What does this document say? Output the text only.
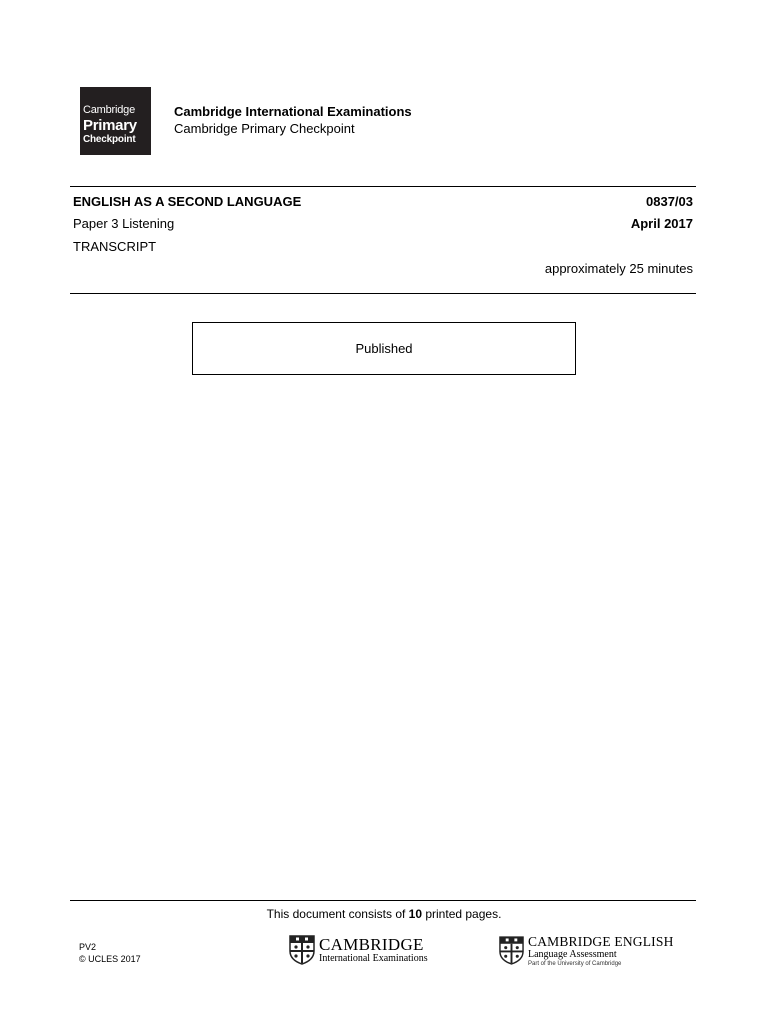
Cambridge
Primary
Checkpoint
Cambridge International Examinations
Cambridge Primary Checkpoint
ENGLISH AS A SECOND LANGUAGE	0837/03
Paper 3 Listening	April 2017
TRANSCRIPT
approximately 25 minutes
Published
This document consists of 10 printed pages.
PV2
© UCLES 2017
CAMBRIDGE
International Examinations
CAMBRIDGE ENGLISH
Language Assessment
Part of the University of Cambridge
